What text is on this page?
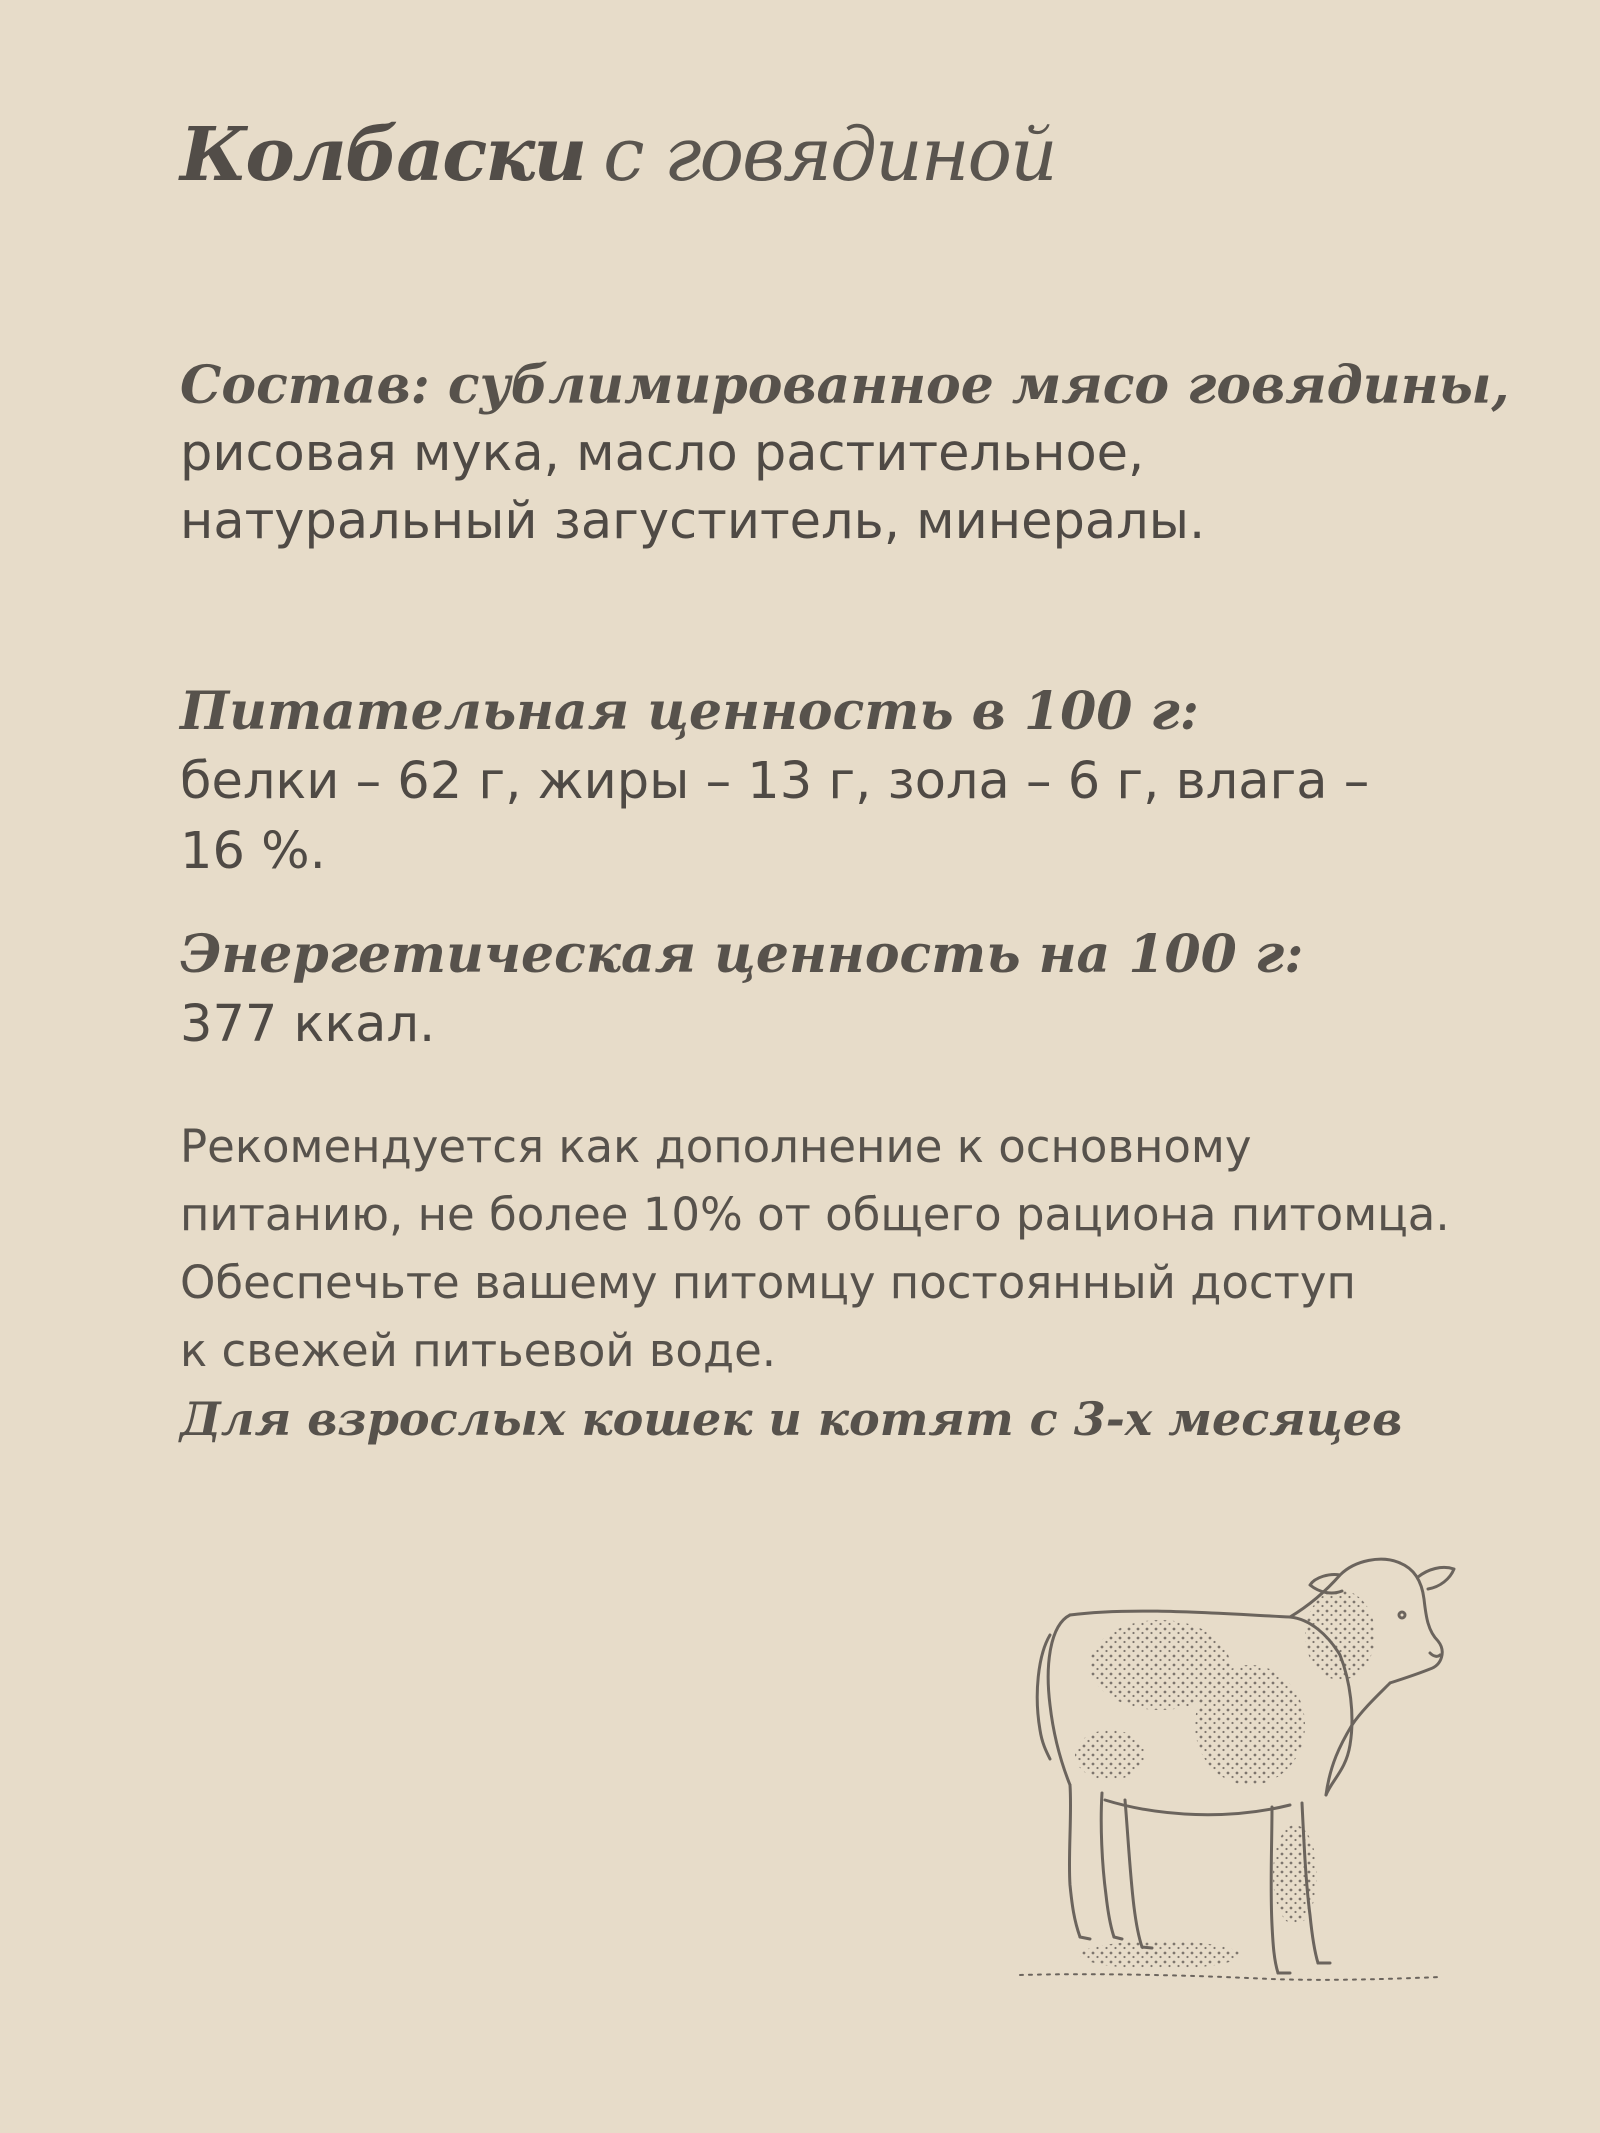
Колбаски с говядиной
Состав: сублимированное мясо говядины,
рисовая мука, масло растительное,
натуральный загуститель, минералы.
Питательная ценность в 100 г:
белки – 62 г, жиры – 13 г, зола – 6 г, влага –
16 %.
Энергетическая ценность на 100 г:
377 ккал.
Рекомендуется как дополнение к основному
питанию, не более 10% от общего рациона питомца.
Обеспечьте вашему питомцу постоянный доступ
к свежей питьевой воде.
Для взрослых кошек и котят с 3-х месяцев
